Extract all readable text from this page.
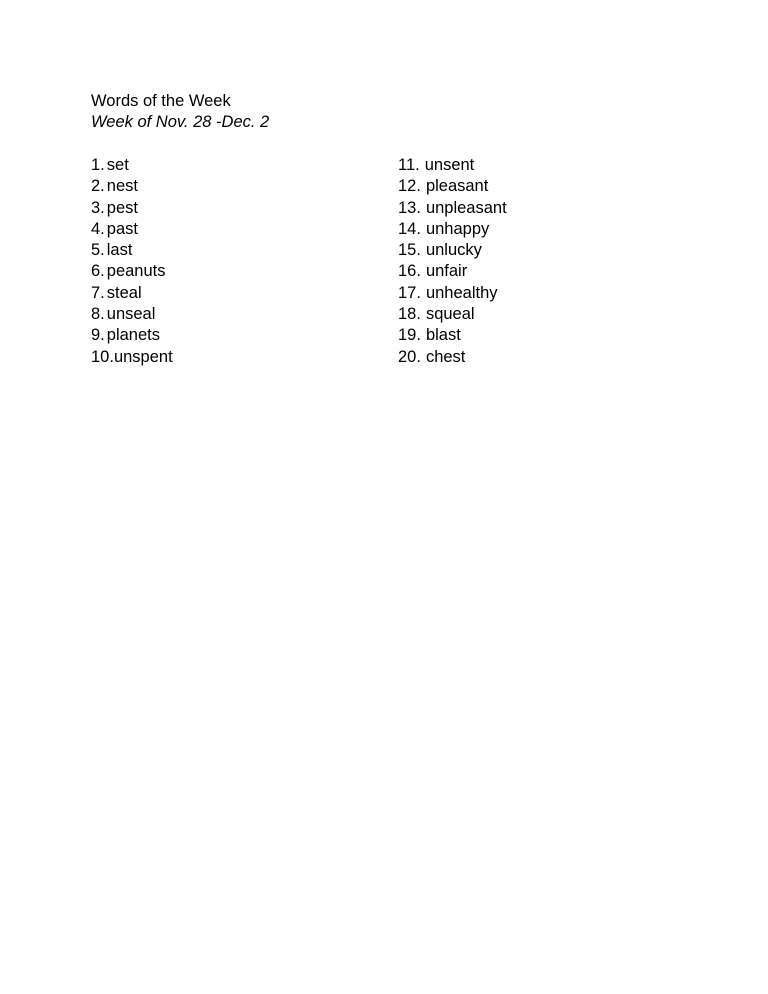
Words of the Week

Week of Nov. 28 -Dec. 2

1. set
2. nest
3. pest
4. past
5. last
6. peanuts
7. steal
8. unseal
9. planets
10.unspent
11. unsent
12. pleasant
13. unpleasant
14. unhappy
15. unlucky
16. unfair
17. unhealthy
18. squeal
19. blast
20. chest
